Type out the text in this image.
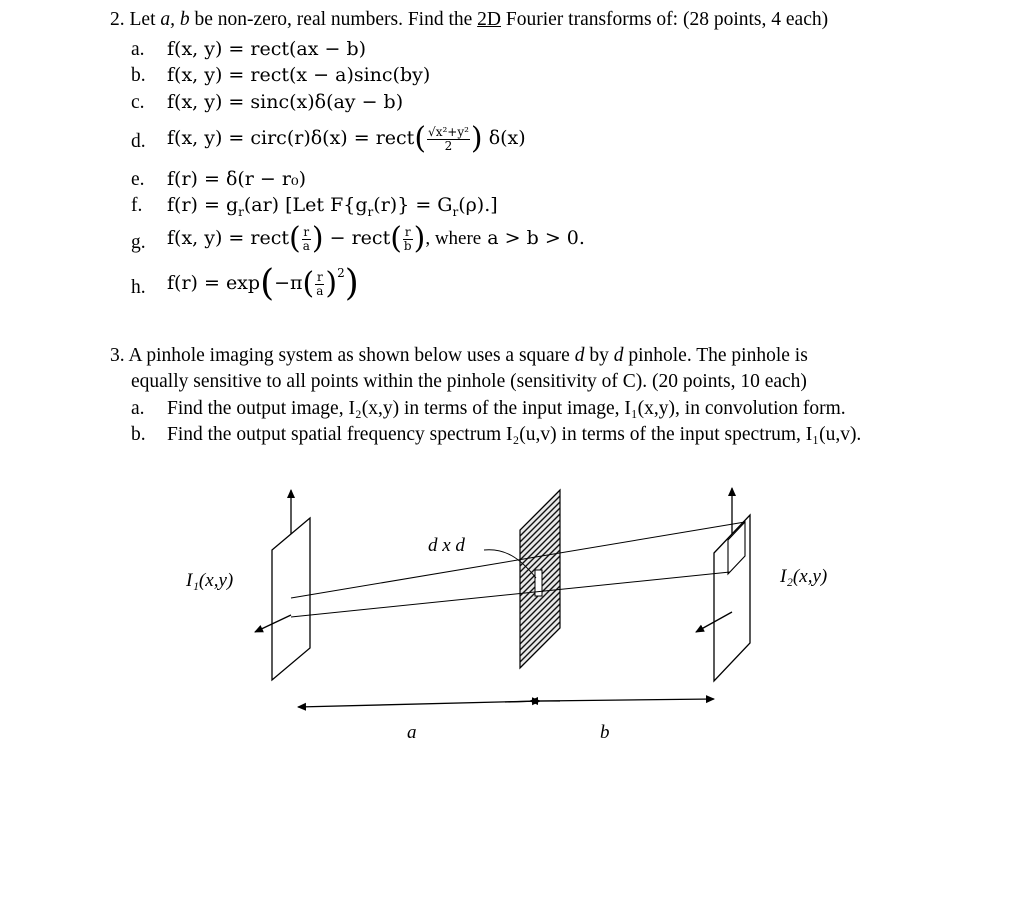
2. Let a, b be non-zero, real numbers. Find the 2D Fourier transforms of: (28 points, 4 each)
a. f(x, y) = rect(ax − b)
b. f(x, y) = rect(x − a)sinc(by)
c. f(x, y) = sinc(x)δ(ay − b)
d. f(x, y) = circ(r)δ(x) = rect( $\frac{\text{√x²+y²}}{2}$ ) δ(x)
e. f(r) = δ(r − r₀)
f. $f(r) = g_r(ar)$ [Let $F\{g_r(r)\} = G_r(\rho)$.]
g. f(x, y) = rect( $\frac{r}{a}$ ) − rect( $\frac{r}{b}$ ), where a > b > 0.
h. $f(r) = \exp(-\pi( \frac{r}{a} )^2)$
3. A pinhole imaging system as shown below uses a square d by d pinhole. The pinhole is
equally sensitive to all points within the pinhole (sensitivity of C). (20 points, 10 each)
a. Find the output image, I₂(x,y) in terms of the input image, I₁(x,y), in convolution form.
b. Find the output spatial frequency spectrum I₂(u,v) in terms of the input spectrum, I₁(u,v).
I₁(x,y)	I₂(x,y)
d x d
a	b
